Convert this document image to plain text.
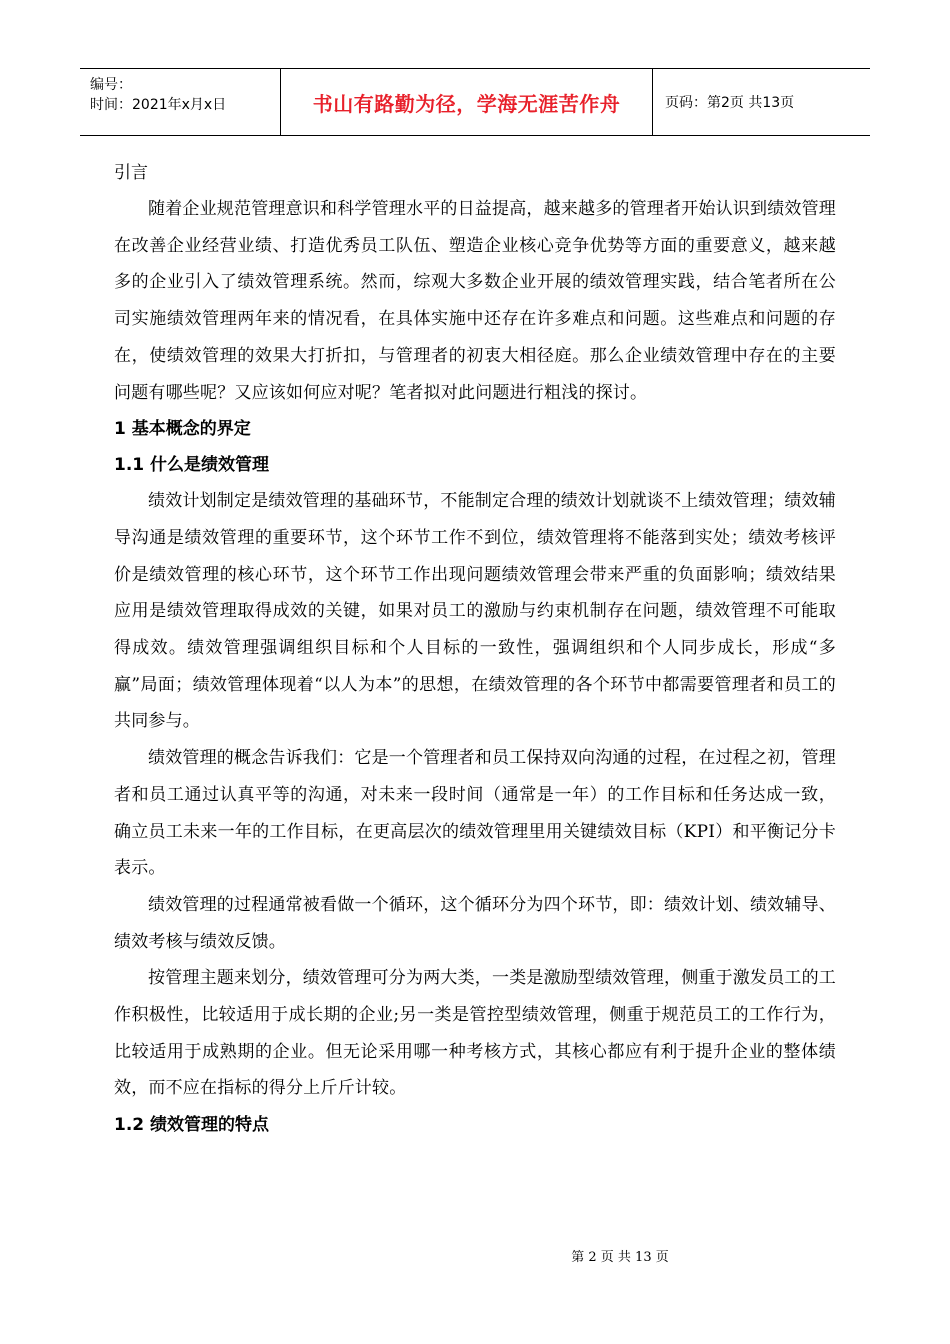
编号：
时间：2021年x月x日	书山有路勤为径，学海无涯苦作舟	页码：第2页 共13页

引言

随着企业规范管理意识和科学管理水平的日益提高，越来越多的管理者开始认识到绩效管理在改善企业经营业绩、打造优秀员工队伍、塑造企业核心竞争优势等方面的重要意义，越来越多的企业引入了绩效管理系统。然而，综观大多数企业开展的绩效管理实践，结合笔者所在公司实施绩效管理两年来的情况看，在具体实施中还存在许多难点和问题。这些难点和问题的存在，使绩效管理的效果大打折扣，与管理者的初衷大相径庭。那么企业绩效管理中存在的主要问题有哪些呢？又应该如何应对呢？笔者拟对此问题进行粗浅的探讨。

1 基本概念的界定

1.1 什么是绩效管理

绩效计划制定是绩效管理的基础环节，不能制定合理的绩效计划就谈不上绩效管理；绩效辅导沟通是绩效管理的重要环节，这个环节工作不到位，绩效管理将不能落到实处；绩效考核评价是绩效管理的核心环节，这个环节工作出现问题绩效管理会带来严重的负面影响；绩效结果应用是绩效管理取得成效的关键，如果对员工的激励与约束机制存在问题，绩效管理不可能取得成效。绩效管理强调组织目标和个人目标的一致性，强调组织和个人同步成长，形成“多赢”局面；绩效管理体现着“以人为本”的思想，在绩效管理的各个环节中都需要管理者和员工的共同参与。

绩效管理的概念告诉我们：它是一个管理者和员工保持双向沟通的过程，在过程之初，管理者和员工通过认真平等的沟通，对未来一段时间（通常是一年）的工作目标和任务达成一致，确立员工未来一年的工作目标，在更高层次的绩效管理里用关键绩效目标（KPI）和平衡记分卡表示。

绩效管理的过程通常被看做一个循环，这个循环分为四个环节，即：绩效计划、绩效辅导、绩效考核与绩效反馈。

按管理主题来划分，绩效管理可分为两大类，一类是激励型绩效管理，侧重于激发员工的工作积极性，比较适用于成长期的企业;另一类是管控型绩效管理，侧重于规范员工的工作行为，比较适用于成熟期的企业。但无论采用哪一种考核方式，其核心都应有利于提升企业的整体绩效，而不应在指标的得分上斤斤计较。

1.2 绩效管理的特点

第 2 页 共 13 页
